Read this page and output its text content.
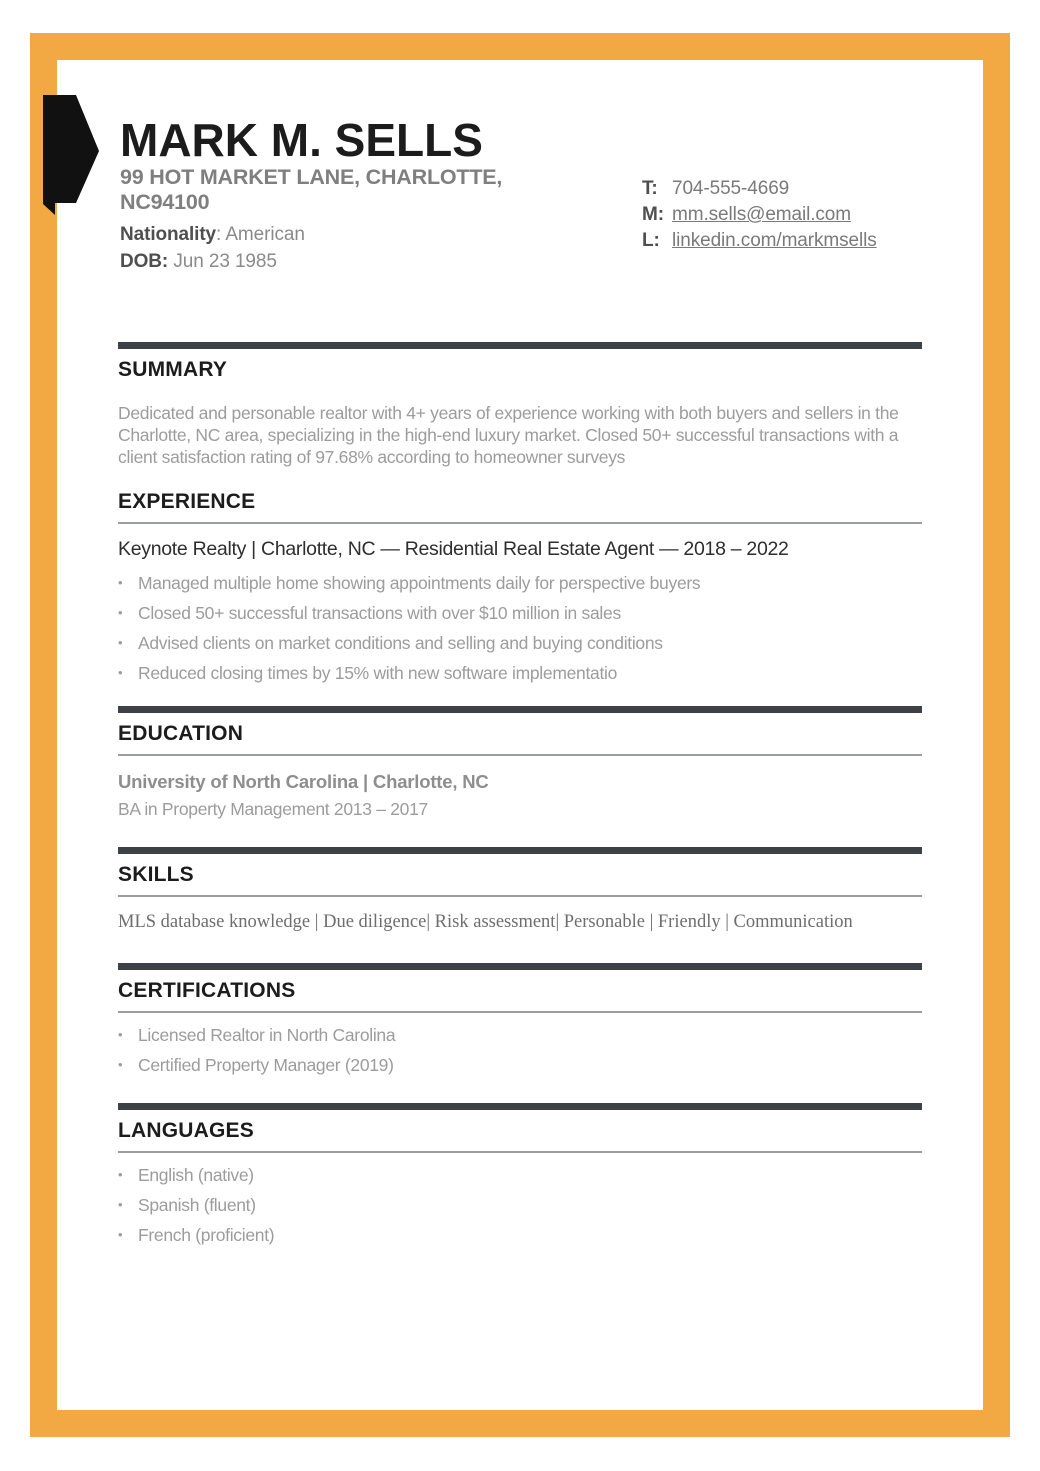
MARK M. SELLS
99 HOT MARKET LANE, CHARLOTTE,
NC94100
Nationality: American
DOB: Jun 23 1985
T: 704-555-4669
M: mm.sells@email.com
L: linkedin.com/markmsells
SUMMARY
Dedicated and personable realtor with 4+ years of experience working with both buyers and sellers in the Charlotte, NC area, specializing in the high-end luxury market. Closed 50+ successful transactions with a client satisfaction rating of 97.68% according to homeowner surveys
EXPERIENCE
Keynote Realty | Charlotte, NC — Residential Real Estate Agent — 2018 – 2022
• Managed multiple home showing appointments daily for perspective buyers
• Closed 50+ successful transactions with over $10 million in sales
• Advised clients on market conditions and selling and buying conditions
• Reduced closing times by 15% with new software implementatio
EDUCATION
University of North Carolina | Charlotte, NC
BA in Property Management 2013 – 2017
SKILLS
MLS database knowledge | Due diligence| Risk assessment| Personable | Friendly | Communication
CERTIFICATIONS
• Licensed Realtor in North Carolina
• Certified Property Manager (2019)
LANGUAGES
• English (native)
• Spanish (fluent)
• French (proficient)
